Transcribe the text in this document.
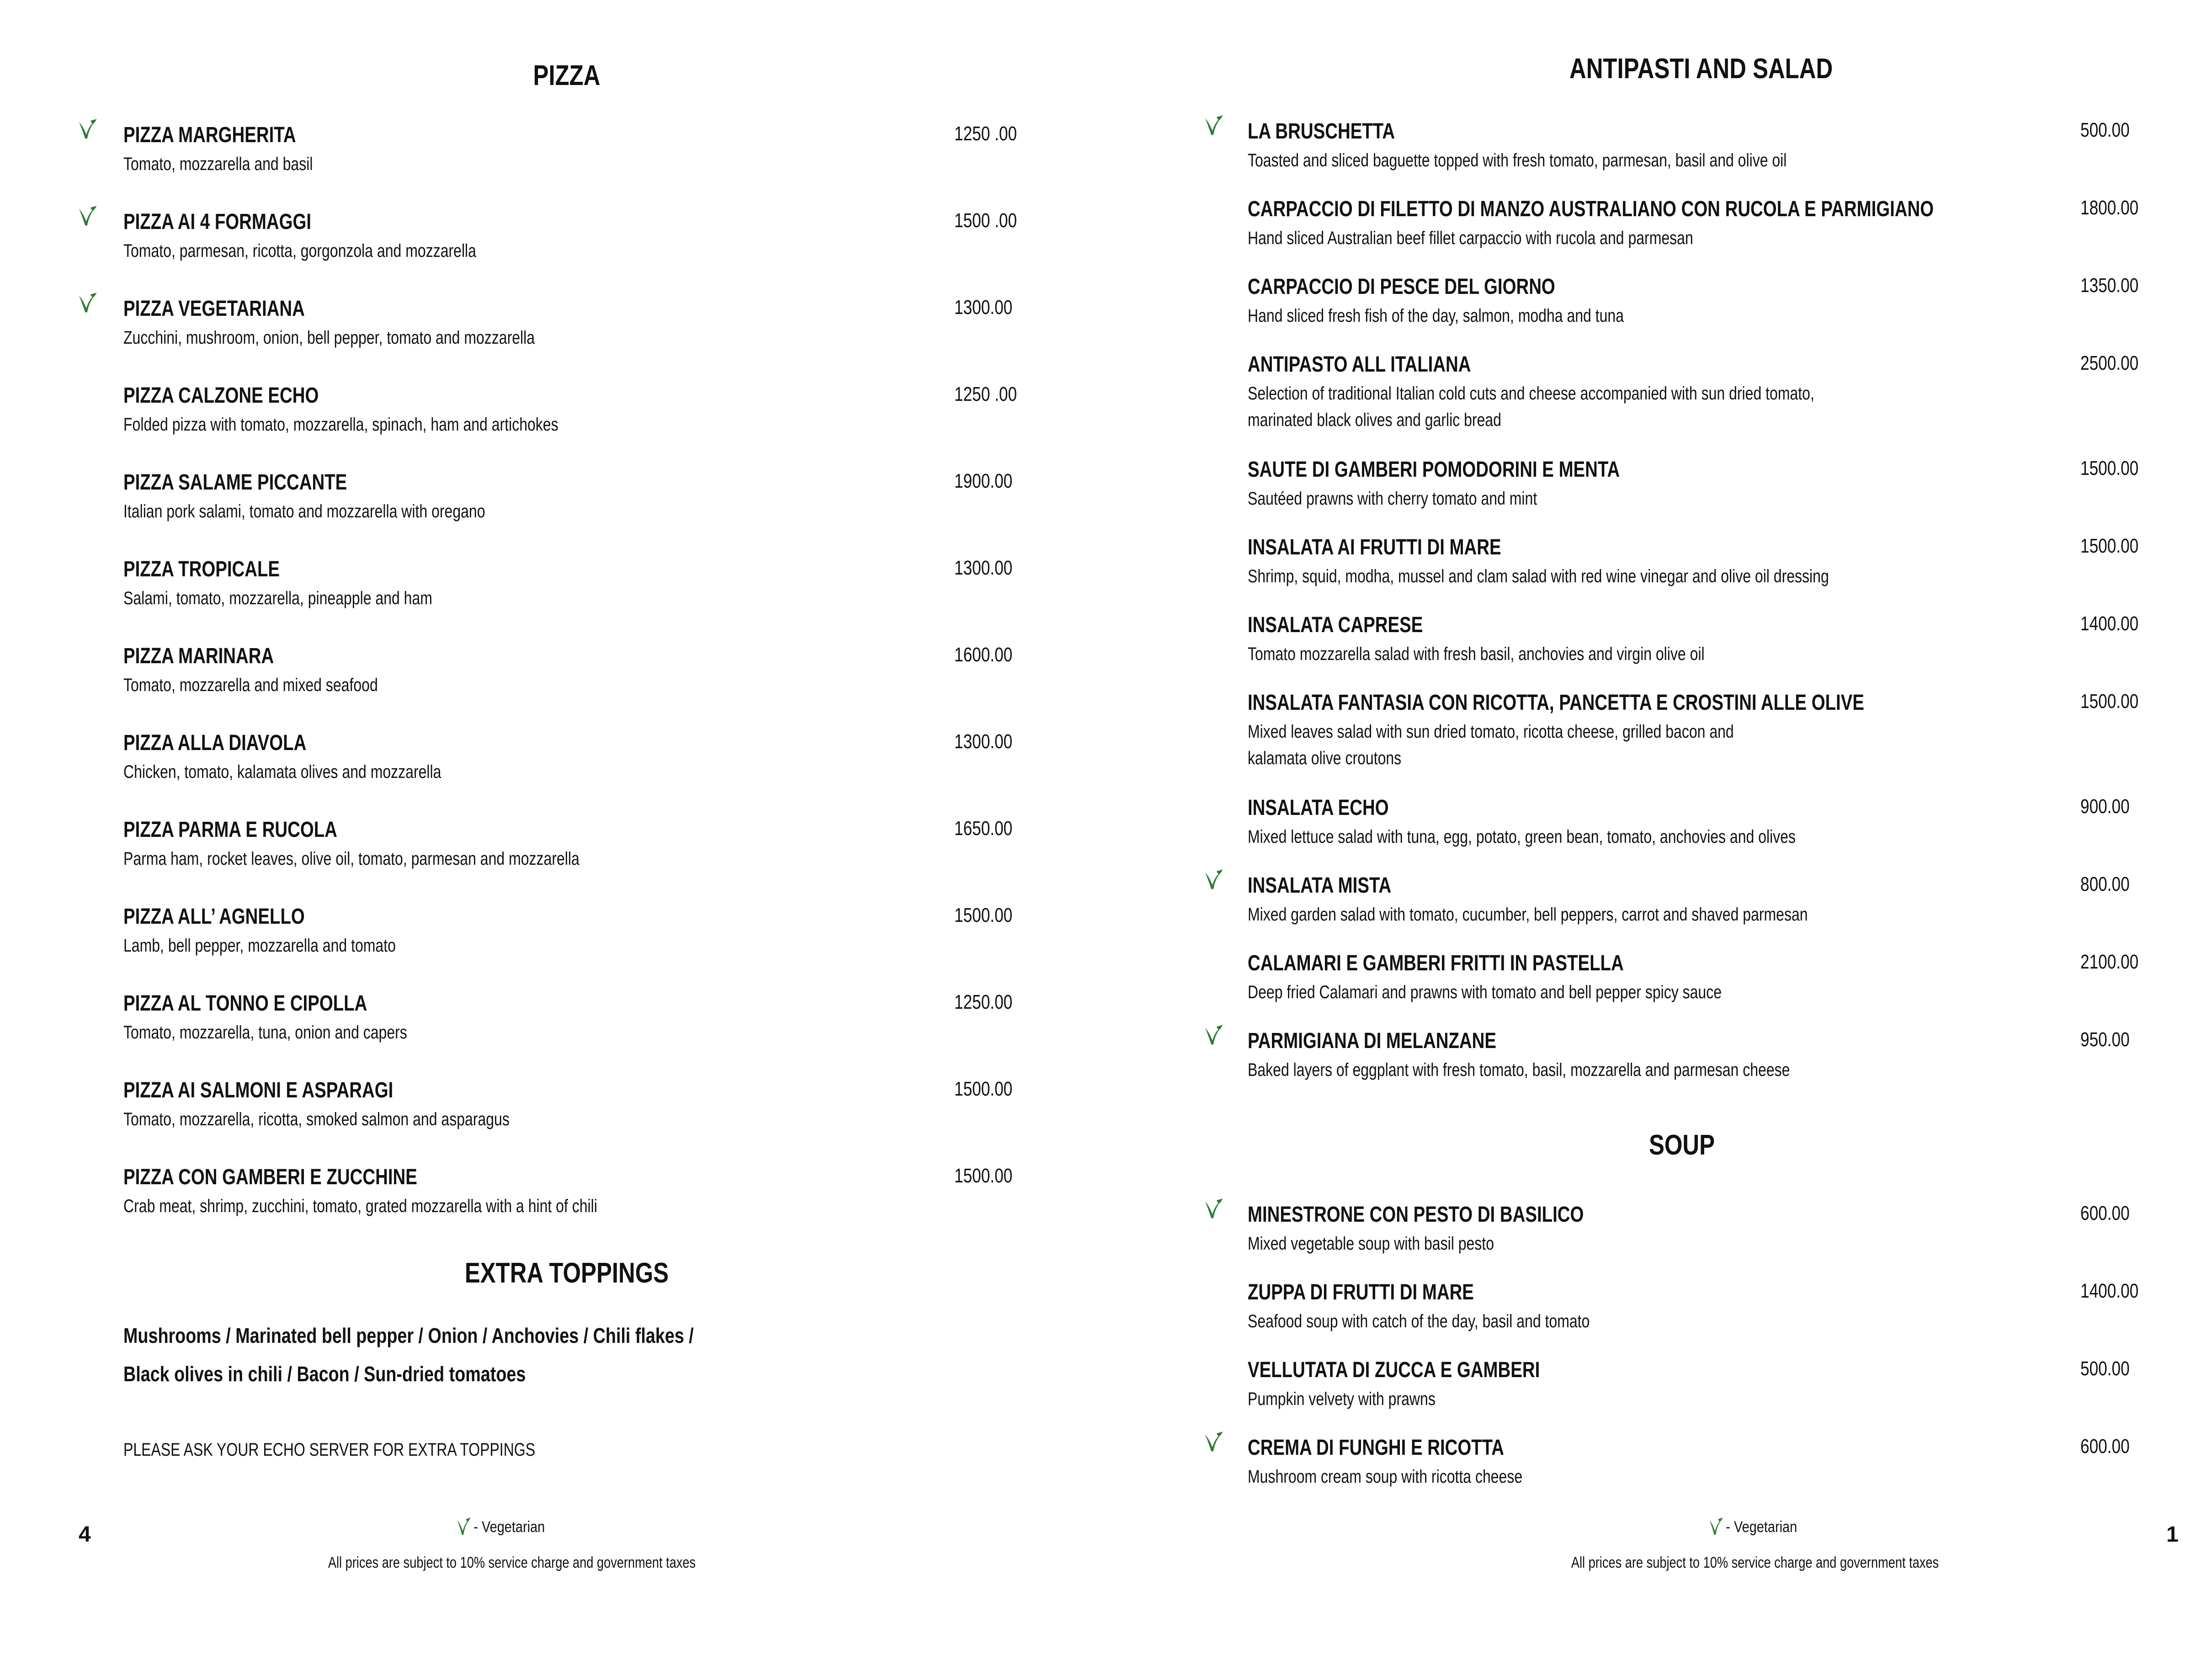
PIZZA
PIZZA MARGHERITA
Tomato, mozzarella and basil
1250 .00
PIZZA AI 4 FORMAGGI
Tomato, parmesan, ricotta, gorgonzola and mozzarella
1500 .00
PIZZA VEGETARIANA
Zucchini, mushroom, onion, bell pepper, tomato and mozzarella
1300.00
PIZZA CALZONE ECHO
Folded pizza with tomato, mozzarella, spinach, ham and artichokes
1250 .00
PIZZA SALAME PICCANTE
Italian pork salami, tomato and mozzarella with oregano
1900.00
PIZZA TROPICALE
Salami, tomato, mozzarella, pineapple and ham
1300.00
PIZZA MARINARA
Tomato, mozzarella and mixed seafood
1600.00
PIZZA ALLA DIAVOLA
Chicken, tomato, kalamata olives and mozzarella
1300.00
PIZZA PARMA E RUCOLA
Parma ham, rocket leaves, olive oil, tomato, parmesan and mozzarella
1650.00
PIZZA ALL’ AGNELLO
Lamb, bell pepper, mozzarella and tomato
1500.00
PIZZA AL TONNO E CIPOLLA
Tomato, mozzarella, tuna, onion and capers
1250.00
PIZZA AI SALMONI E ASPARAGI
Tomato, mozzarella, ricotta, smoked salmon and asparagus
1500.00
PIZZA CON GAMBERI E ZUCCHINE
Crab meat, shrimp, zucchini, tomato, grated mozzarella with a hint of chili
1500.00
EXTRA TOPPINGS
Mushrooms / Marinated bell pepper / Onion / Anchovies / Chili flakes /
Black olives in chili / Bacon / Sun-dried tomatoes
PLEASE ASK YOUR ECHO SERVER FOR EXTRA TOPPINGS
- Vegetarian
All prices are subject to 10% service charge and government taxes
4
ANTIPASTI AND SALAD
LA BRUSCHETTA
Toasted and sliced baguette topped with fresh tomato, parmesan, basil and olive oil
500.00
CARPACCIO DI FILETTO DI MANZO AUSTRALIANO CON RUCOLA E PARMIGIANO
Hand sliced Australian beef fillet carpaccio with rucola and parmesan
1800.00
CARPACCIO DI PESCE DEL GIORNO
Hand sliced fresh fish of the day, salmon, modha and tuna
1350.00
ANTIPASTO ALL ITALIANA
Selection of traditional Italian cold cuts and cheese accompanied with sun dried tomato,
marinated black olives and garlic bread
2500.00
SAUTE DI GAMBERI POMODORINI E MENTA
Sautéed prawns with cherry tomato and mint
1500.00
INSALATA AI FRUTTI DI MARE
Shrimp, squid, modha, mussel and clam salad with red wine vinegar and olive oil dressing
1500.00
INSALATA CAPRESE
Tomato mozzarella salad with fresh basil, anchovies and virgin olive oil
1400.00
INSALATA FANTASIA CON RICOTTA, PANCETTA E CROSTINI ALLE OLIVE
Mixed leaves salad with sun dried tomato, ricotta cheese, grilled bacon and
kalamata olive croutons
1500.00
INSALATA ECHO
Mixed lettuce salad with tuna, egg, potato, green bean, tomato, anchovies and olives
900.00
INSALATA MISTA
Mixed garden salad with tomato, cucumber, bell peppers, carrot and shaved parmesan
800.00
CALAMARI E GAMBERI FRITTI IN PASTELLA
Deep fried Calamari and prawns with tomato and bell pepper spicy sauce
2100.00
PARMIGIANA DI MELANZANE
Baked layers of eggplant with fresh tomato, basil, mozzarella and parmesan cheese
950.00
SOUP
MINESTRONE CON PESTO DI BASILICO
Mixed vegetable soup with basil pesto
600.00
ZUPPA DI FRUTTI DI MARE
Seafood soup with catch of the day, basil and tomato
1400.00
VELLUTATA DI ZUCCA E GAMBERI
Pumpkin velvety with prawns
500.00
CREMA DI FUNGHI E RICOTTA
Mushroom cream soup with ricotta cheese
600.00
- Vegetarian
All prices are subject to 10% service charge and government taxes
1
